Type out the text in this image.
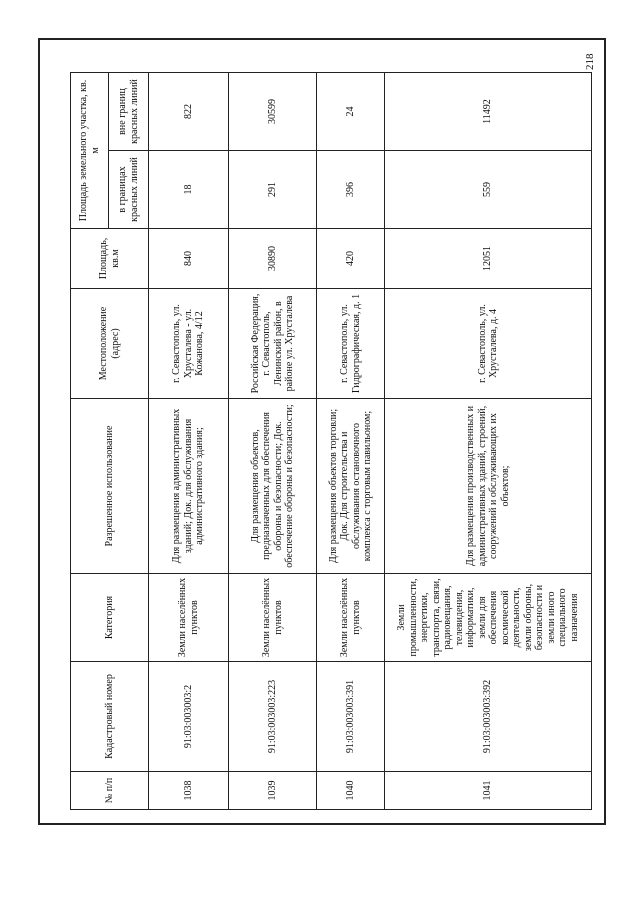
218
№ п/п	Кадастровый номер	Категория	Разрешенное использование	Местоположение (адрес)	Площадь, кв.м	Площадь земельного участка, кв. м	
						в границах красных линий	вне границ красных линий
1038	91:03:003003:2	Земли населённых пунктов	Для размещения административных зданий; Док. для обслуживания административного здания;	г. Севастополь, ул. Хрусталева - ул. Кожанова, 4/12	840	18	822
1039	91:03:003003:223	Земли населённых пунктов	Для размещения объектов, предназначенных для обеспечения обороны и безопасности; Док. обеспечение обороны и безопасности;	Российская Федерация, г. Севастополь, Ленинский район, в районе ул. Хрусталева	30890	291	30599
1040	91:03:003003:391	Земли населённых пунктов	Для размещения объектов торговли; Док. Для строительства и обслуживания остановочного комплекса с торговым павильоном;	г. Севастополь, ул. Гидрографическая, д. 1	420	396	24
1041	91:03:003003:392	Земли промышленности, энергетики, транспорта, связи, радиовещания, телевидения, информатики, земли для обеспечения космической деятельности, земли обороны, безопасности и земли иного специального назначения	Для размещения производственных и административных зданий, строений, сооружений и обслуживающих их объектов;	г. Севастополь, ул. Хрусталева, д. 4	12051	559	11492
